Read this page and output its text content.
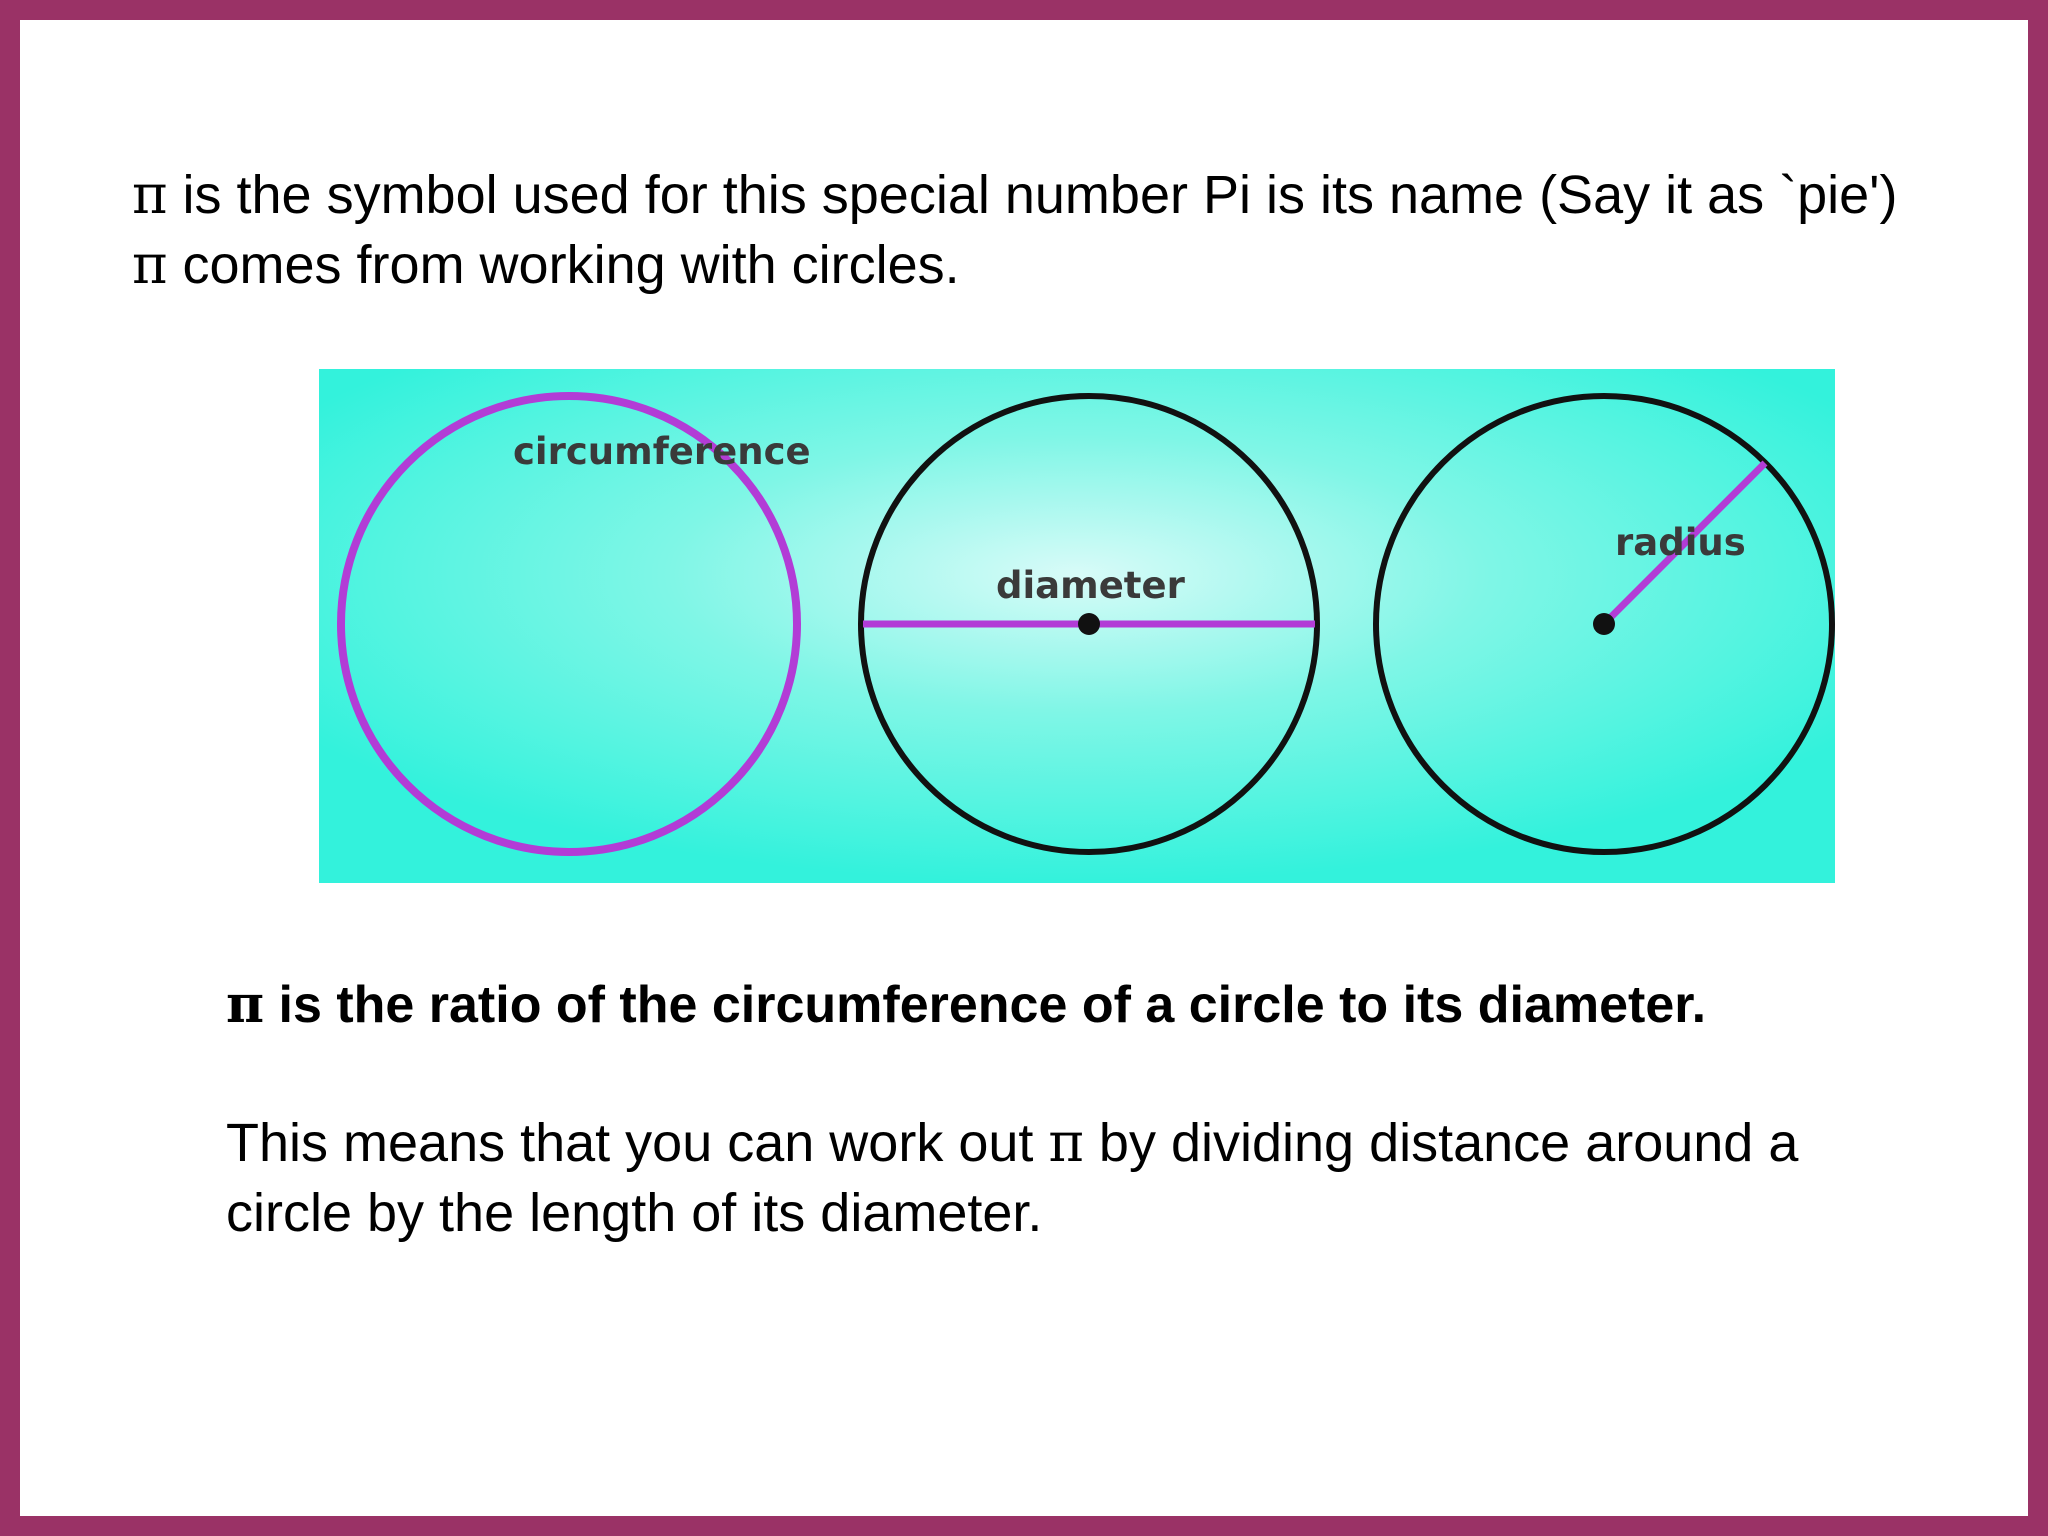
π is the symbol used for this special number Pi is its name (Say it as `pie')
π comes from working with circles.
circumference
diameter
radius
π is the ratio of the circumference of a circle to its diameter.
This means that you can work out π by dividing distance around a
circle by the length of its diameter.
